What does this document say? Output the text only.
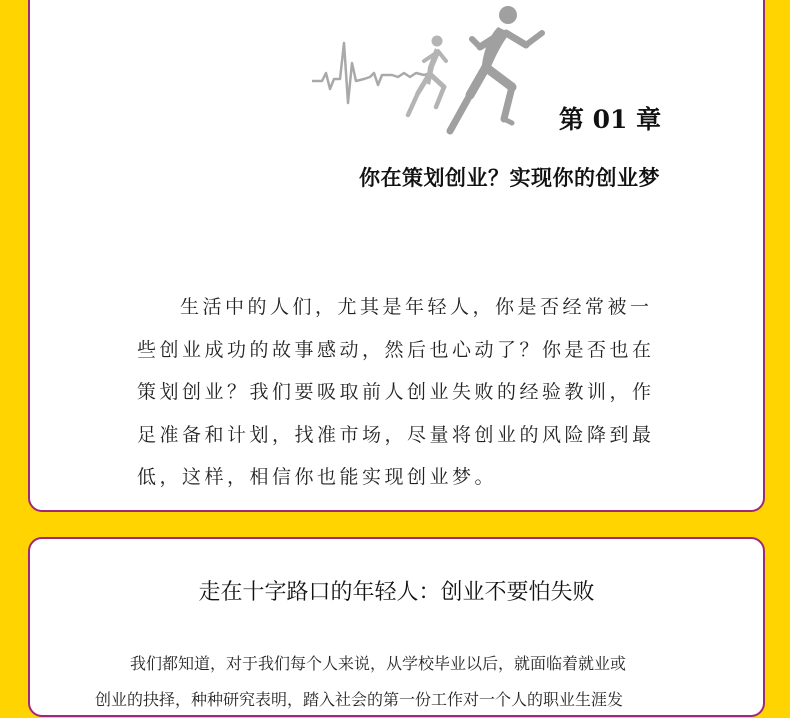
第 01 章
你在策划创业？实现你的创业梦

生活中的人们，尤其是年轻人，你是否经常被一
些创业成功的故事感动，然后也心动了？你是否也在
策划创业？我们要吸取前人创业失败的经验教训，作
足准备和计划，找准市场，尽量将创业的风险降到最
低，这样，相信你也能实现创业梦。

走在十字路口的年轻人：创业不要怕失败

我们都知道，对于我们每个人来说，从学校毕业以后，就面临着就业或
创业的抉择，种种研究表明，踏入社会的第一份工作对一个人的职业生涯发
